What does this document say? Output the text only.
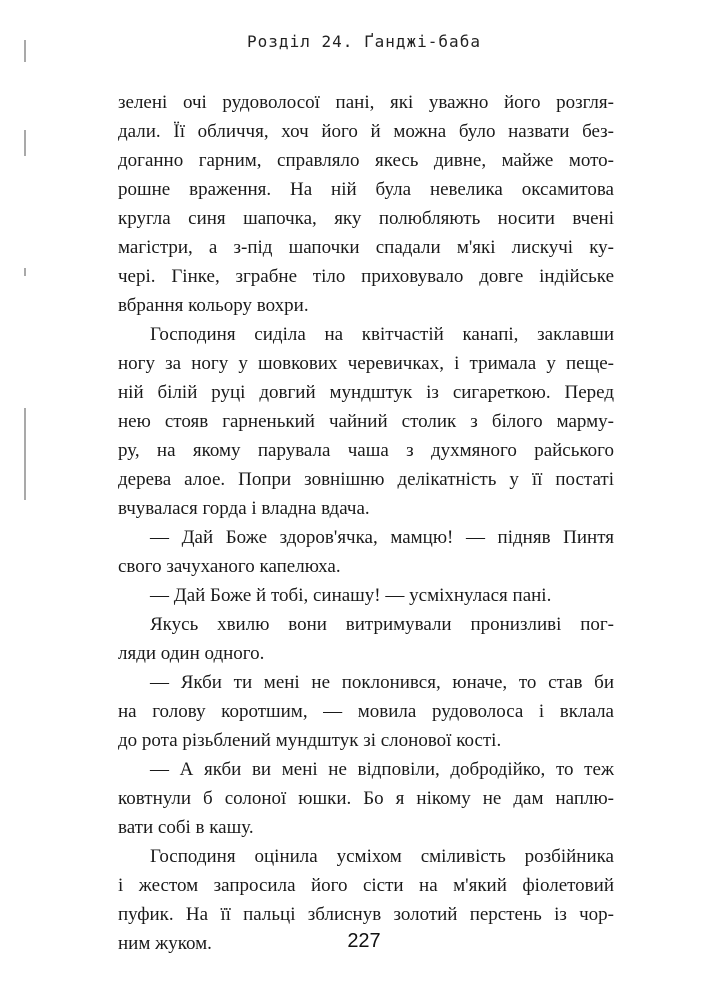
Розділ 24. Ґанджі-баба
зелені очі рудоволосої пані, які уважно його розгля-
дали. Її обличчя, хоч його й можна було назвати без-
доганно гарним, справляло якесь дивне, майже мото-
рошне враження. На ній була невелика оксамитова
кругла синя шапочка, яку полюбляють носити вчені
магістри, а з-під шапочки спадали м'які лискучі ку-
чері. Гінке, зграбне тіло приховувало довге індійське
вбрання кольору вохри.
Господиня сиділа на квітчастій канапі, заклавши
ногу за ногу у шовкових черевичках, і тримала у пеще-
ній білій руці довгий мундштук із сигареткою. Перед
нею стояв гарненький чайний столик з білого марму-
ру, на якому парувала чаша з духмяного райського
дерева алое. Попри зовнішню делікатність у її постаті
вчувалася горда і владна вдача.
— Дай Боже здоров'ячка, мамцю! — підняв Пинтя
свого зачуханого капелюха.
— Дай Боже й тобі, синашу! — усміхнулася пані.
Якусь хвилю вони витримували пронизливі пог-
ляди один одного.
— Якби ти мені не поклонився, юначе, то став би
на голову коротшим, — мовила рудоволоса і вклала
до рота різьблений мундштук зі слонової кості.
— А якби ви мені не відповіли, добродійко, то теж
ковтнули б солоної юшки. Бо я нікому не дам наплю-
вати собі в кашу.
Господиня оцінила усміхом сміливість розбійника
і жестом запросила його сісти на м'який фіолетовий
пуфик. На її пальці зблиснув золотий перстень із чор-
ним жуком.	227
